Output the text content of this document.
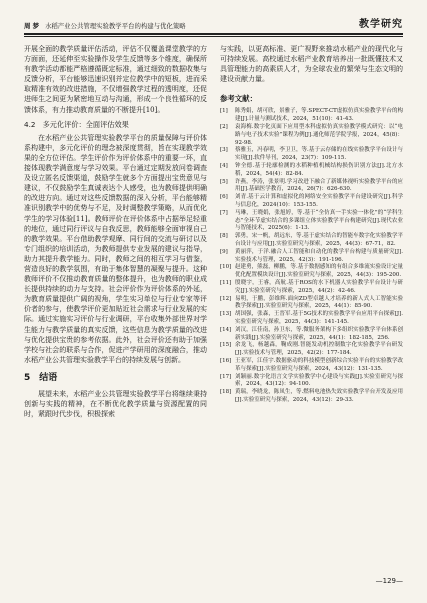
周 梦 水稻产业公共管理实验教学平台的构建与优化策略	教学研究

开展全面的教学质量评估活动，评估不仅覆盖课堂教学的方方面面，还延伸至实验操作及学生反馈等多个维度，确保所有教学活动都能严格遵循既定标准，通过细致的数据收集与反馈分析，平台能够迅速识别并定位教学中的短板，进而采取精准有效的改进措施，不仅增强教学过程的透明度，还促进师生之间更为紧密地互动与沟通，形成一个良性循环的反馈体系，有力推动教育质量的不断提升[10]。

4.2　多元化评价：全面评估效果

在水稻产业公共管理实验教学平台的质量保障与评价体系构建中，多元化评价的理念被深度贯彻，旨在实现教学效果的全方位评估。学生评价作为评价体系中的重要一环，直接体现教学满意度与学习效果。平台通过定期发放问卷调查及设立匿名反馈渠道，鼓励学生就多个方面提出宝贵意见与建议，不仅鼓励学生真诚表达个人感受，也为教师提供明确的改进方向。通过对这些反馈数据的深入分析，平台能够精准识别教学中的优势与不足，及时调整教学策略，从而优化学生的学习体验[11]。教师评价在评价体系中占据举足轻重的地位，通过同行评议与自我反思，教师能够全面审视自己的教学效果。平台借助教学观摩、同行间的交流与研讨以及专门组织的培训活动，为教师提供专业发展的建议与指导，助力其提升教学能力。同时，教师之间的相互学习与借鉴，营造良好的教学氛围，有助于集体智慧的凝聚与提升。这种教师评价不仅推动教育质量的整体提升，也为教师的职业成长提供持续的动力与支持。社会评价作为评价体系的外延，为教育质量提供广阔的视角，学生实习单位与行业专家等评价者的参与，使教学评价更加贴近社会需求与行业发展的实际。通过实施实习评价与行业调研，平台收集外部世界对学生能力与教学质量的真实反馈，这些信息为教学质量的改进与优化提供宝贵的参考依据。此外，社会评价还有助于加强学校与社会的联系与合作，促进产学研用的深度融合，推动水稻产业公共管理实验教学平台的持续发展与创新。

5　结语

展望未来，水稻产业公共管理实验教学平台将继续秉持创新与实践的精神，在不断优化教学质量与资源配置的同时，紧跟时代步伐，积极探索

与实践，以更高标准、更广视野来推动水稻产业的现代化与可持续发展。高校通过水稻产业教育培养出一批既懂技术又具管理能力的高素质人才，为全球农业的繁荣与生态文明的建设贡献力量。

参考文献：
[1]	陈秀娟，胡可欣，景雅子，等.SPECT-CT虚拟仿真实验教学平台的构建[J].计量与测试技术，2024，51(10)：41-43.
[2]	袁海梅.数字化页面下应用型本科虚拟仿真实验教学模式研究：以“电路与电子技术实验”课程为例[J].通化师范学院学报，2024，45(8)：92-98.
[3]	蔡雅玉，冯春明，李卫卫，等.基于云存储的在线实验教学平台设计与实现[J].软件导刊，2024，23(7)：109-115.
[4]	钟全德.基于轮廓检测的水稻种植机械结构损伤识别方法[J].北方水稻，2024，54(4)：82-84.
[5]	许燕，李涛，张景明.学习改进下融合了新媒体视听实验教学平台的应用[J].基础医学教育，2024，26(7)：626-630.
[6]	刘青.基于云计算和虚拟化的网络安全实验教学平台建设研究[J].科学与信息化，2024(10)：153-155.
[7]	马琳，王晓娟，张旭婷，等.基于“全仿真一手实验一体化”的“学科生态”全环节虚实结合的多课组立体实验教学平台构建研究[J].现代农业与智能技术，2025(6)：1-13.
[8]	郭勇，宋一帆，胡远东，等.基于虚实结合的智能车数字化实验教学平台设计与应用[J].实验室研究与探索，2025，44(3)：67-71，82.
[9]	黄丽萍，于洋.融合人工智能和自动化的教学平台构建与质量研究[J].实验技术与管理，2025，42(3)：191-196.
[10] 赵建勇，熊磊，柳鹏，等.基于数据感知的有组合多维流实验设计定量优化配置模块设计[J].实验室研究与探索，2025，44(3)：195-200.
[11] 殷晓宇，王睿，高航.基于ROS的水下机器人实验教学平台设计与研究[J].实验室研究与探索，2025，44(2)：42-46.
[12] 易明，于鹏，彭维辉.面向ZD型卓越人才培养的新人式人工智能实验教学探索[J].实验室研究与探索，2025，44(1)：85-90.
[13] 胡国强，张森，王晋军.基于5G技术的实验教学平台应用平台探索[J].实验室研究与探索，2025，44(3)：141-145.
[14] 刘汉，江佳南，孙卫东，等.微服务架构下多组织实验教学平台体系创新实践[J].实验室研究与探索，2025，44(1)：182-185，256.
[15] 余龙飞，杨越森，鞠成刚.智能发动机控制数字化实验教学平台研发[J].实验技术与管理，2025，42(2)：177-184.
[16] 王亚军，江佳宇.数据驱动的科技模型创新综合实验平台的实验教学改革与探索[J].实验室研究与探索，2024，43(12)：131-135.
[17] 刘颖丽.数字化语言文学实验教学中心建设与实践[J].实验室研究与探索，2024，43(12)：94-100.
[18] 黄瑞，李晓龙，陈凤生，等.燃料电池热失效实验教学平台开发及应用[J].实验室研究与探索，2024，43(12)：29-33.
—129—
